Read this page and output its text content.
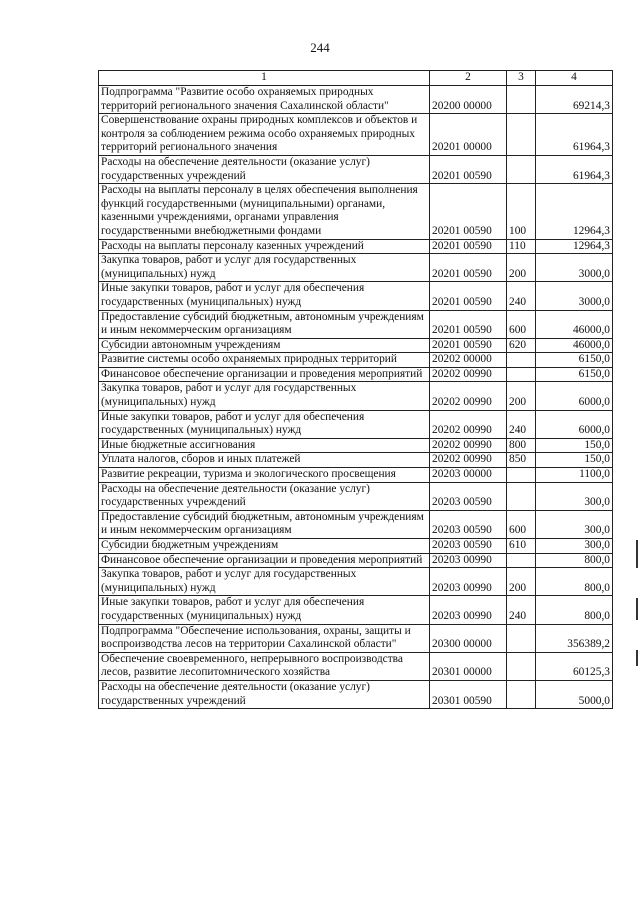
244
1	2	3	4
Подпрограмма "Развитие особо охраняемых природных территорий регионального значения Сахалинской области"	20200 00000		69214,3
Совершенствование охраны природных комплексов и объектов и контроля за соблюдением режима особо охраняемых природных территорий регионального значения	20201 00000		61964,3
Расходы на обеспечение деятельности (оказание услуг) государственных учреждений	20201 00590		61964,3
Расходы на выплаты персоналу в целях обеспечения выполнения функций государственными (муниципальными) органами, казенными учреждениями, органами управления государственными внебюджетными фондами	20201 00590	100	12964,3
Расходы на выплаты персоналу казенных учреждений	20201 00590	110	12964,3
Закупка товаров, работ и услуг для государственных (муниципальных) нужд	20201 00590	200	3000,0
Иные закупки товаров, работ и услуг для обеспечения государственных (муниципальных) нужд	20201 00590	240	3000,0
Предоставление субсидий бюджетным, автономным учреждениям и иным некоммерческим организациям	20201 00590	600	46000,0
Субсидии автономным учреждениям	20201 00590	620	46000,0
Развитие системы особо охраняемых природных территорий	20202 00000		6150,0
Финансовое обеспечение организации и проведения мероприятий	20202 00990		6150,0
Закупка товаров, работ и услуг для государственных (муниципальных) нужд	20202 00990	200	6000,0
Иные закупки товаров, работ и услуг для обеспечения государственных (муниципальных) нужд	20202 00990	240	6000,0
Иные бюджетные ассигнования	20202 00990	800	150,0
Уплата налогов, сборов и иных платежей	20202 00990	850	150,0
Развитие рекреации, туризма и экологического просвещения	20203 00000		1100,0
Расходы на обеспечение деятельности (оказание услуг) государственных учреждений	20203 00590		300,0
Предоставление субсидий бюджетным, автономным учреждениям и иным некоммерческим организациям	20203 00590	600	300,0
Субсидии бюджетным учреждениям	20203 00590	610	300,0
Финансовое обеспечение организации и проведения мероприятий	20203 00990		800,0
Закупка товаров, работ и услуг для государственных (муниципальных) нужд	20203 00990	200	800,0
Иные закупки товаров, работ и услуг для обеспечения государственных (муниципальных) нужд	20203 00990	240	800,0
Подпрограмма "Обеспечение использования, охраны, защиты и воспроизводства лесов на территории Сахалинской области"	20300 00000		356389,2
Обеспечение своевременного, непрерывного воспроизводства лесов, развитие лесопитомнического хозяйства	20301 00000		60125,3
Расходы на обеспечение деятельности (оказание услуг) государственных учреждений	20301 00590		5000,0
